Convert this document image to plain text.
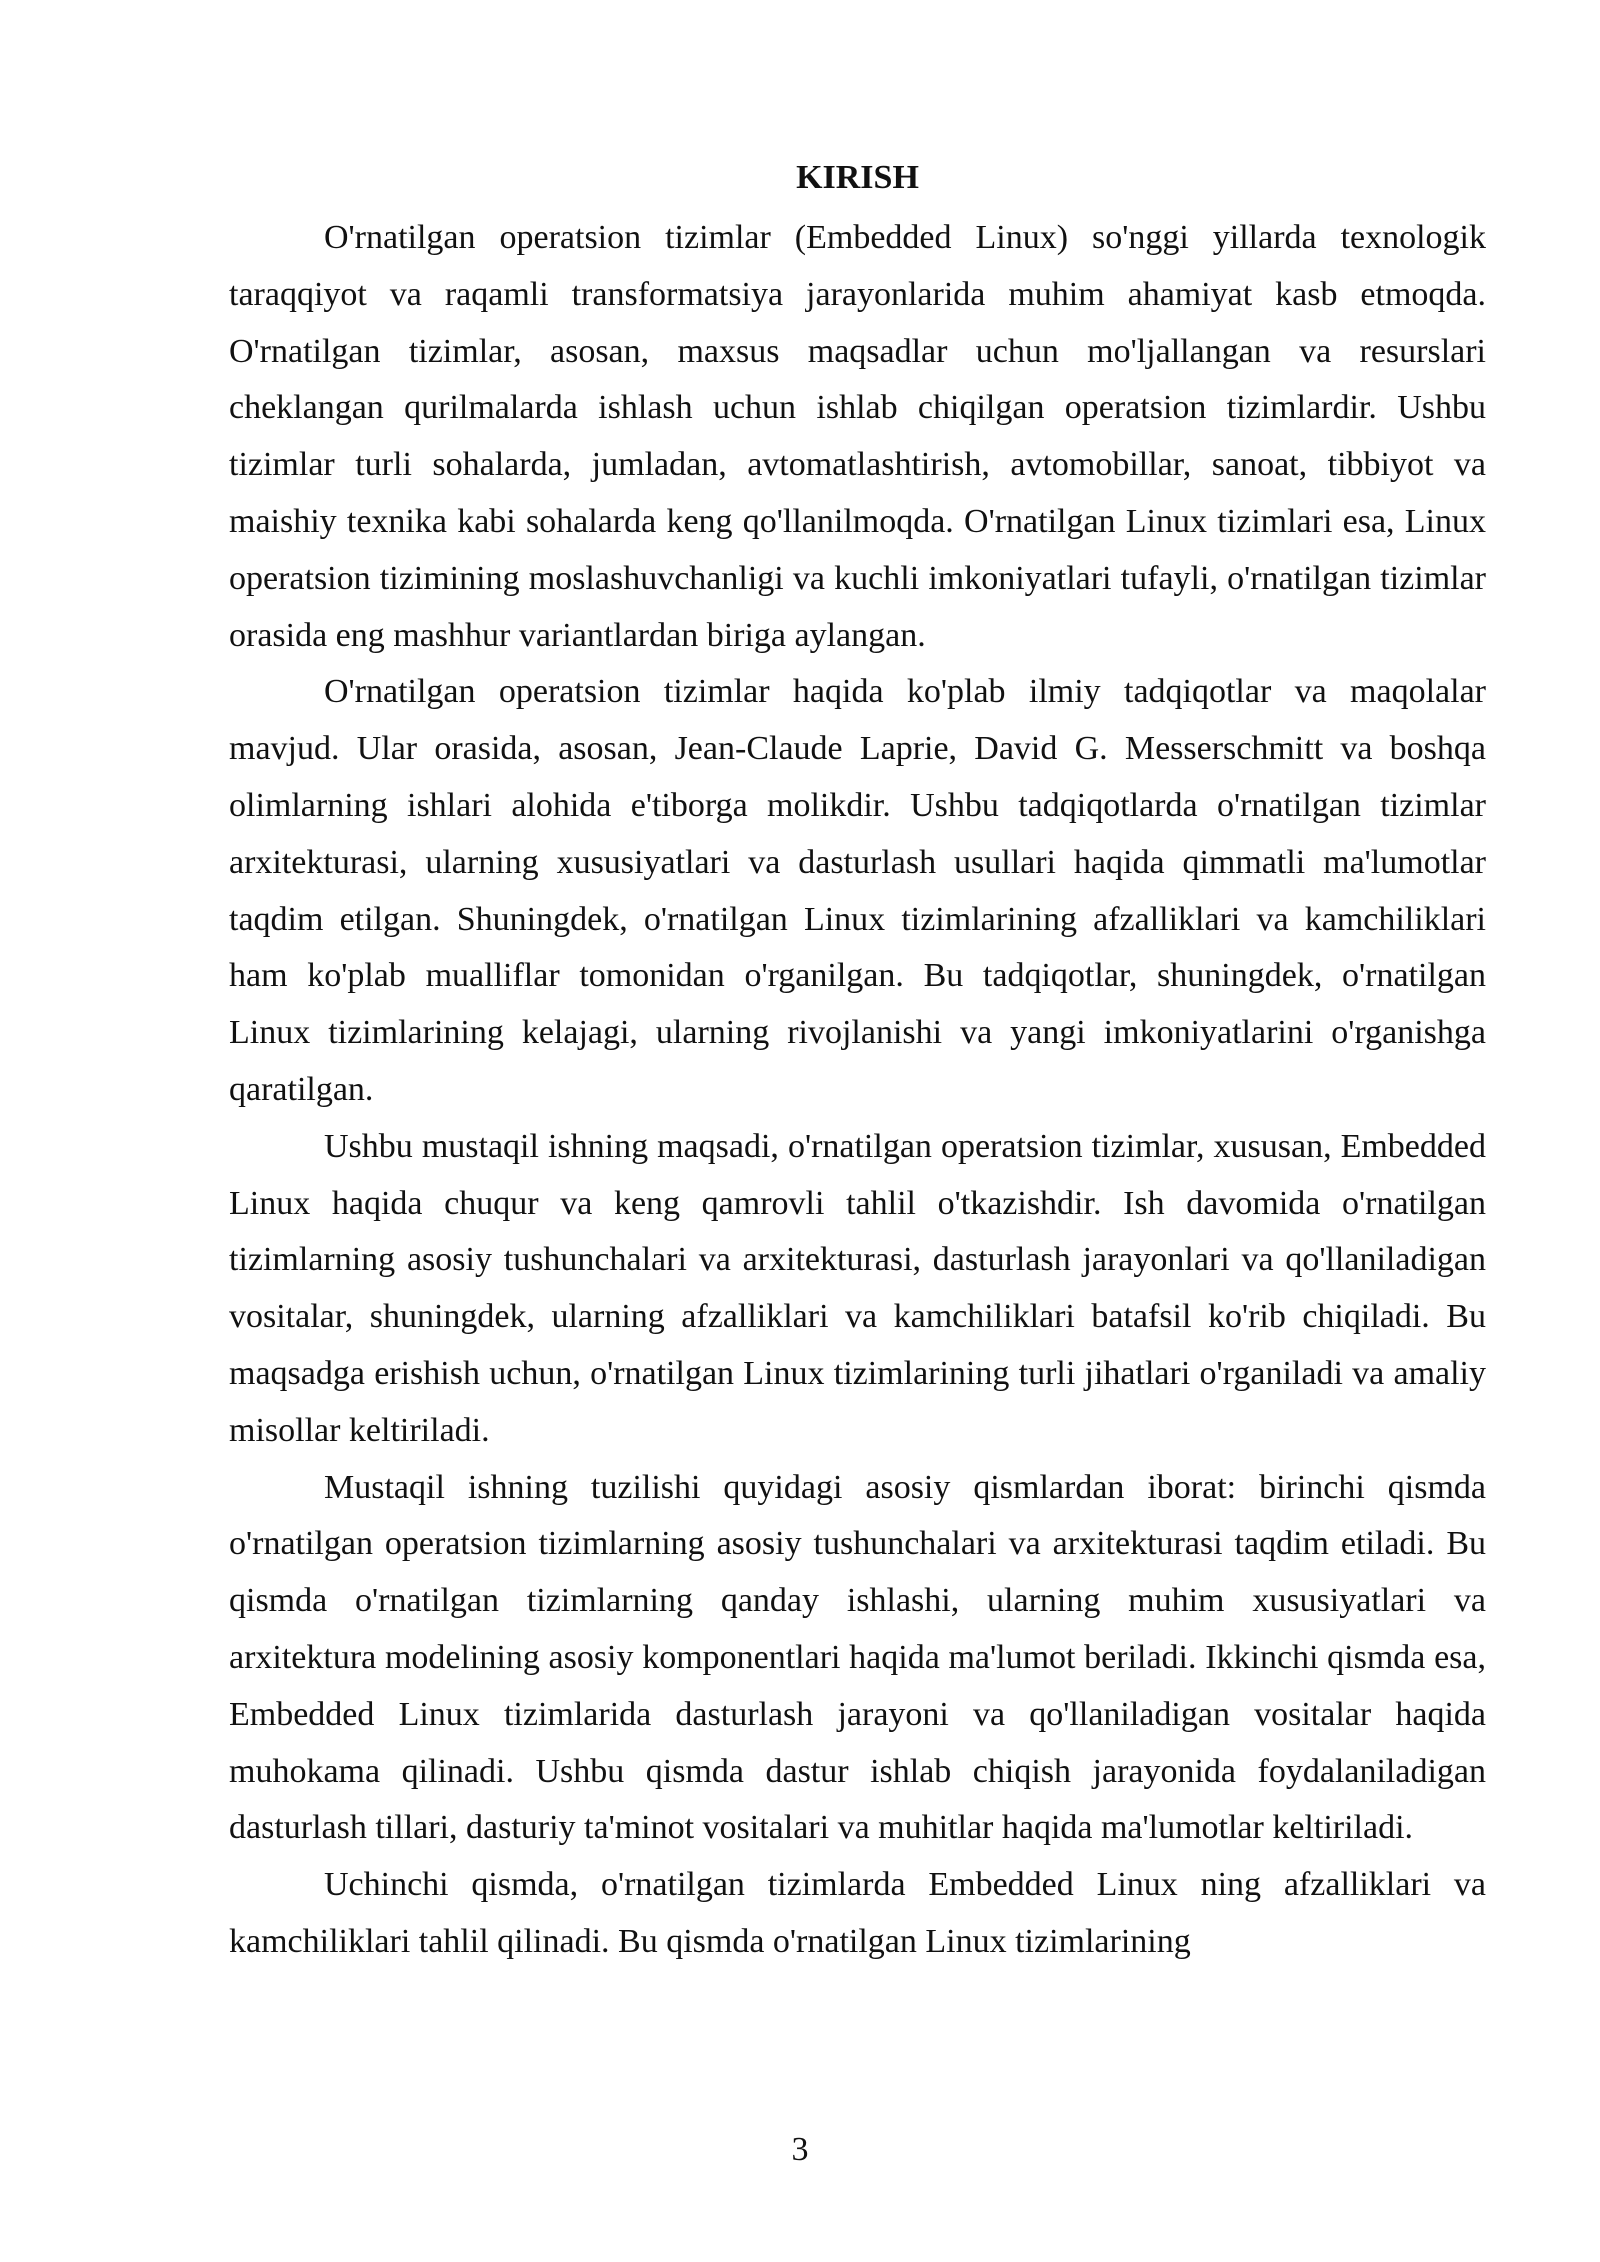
KIRISH

O'rnatilgan operatsion tizimlar (Embedded Linux) so'nggi yillarda texnologik taraqqiyot va raqamli transformatsiya jarayonlarida muhim ahamiyat kasb etmoqda. O'rnatilgan tizimlar, asosan, maxsus maqsadlar uchun mo'ljallangan va resurslari cheklangan qurilmalarda ishlash uchun ishlab chiqilgan operatsion tizimlardir. Ushbu tizimlar turli sohalarda, jumladan, avtomatlashtirish, avtomobillar, sanoat, tibbiyot va maishiy texnika kabi sohalarda keng qo'llanilmoqda. O'rnatilgan Linux tizimlari esa, Linux operatsion tizimining moslashuvchanligi va kuchli imkoniyatlari tufayli, o'rnatilgan tizimlar orasida eng mashhur variantlardan biriga aylangan.

O'rnatilgan operatsion tizimlar haqida ko'plab ilmiy tadqiqotlar va maqolalar mavjud. Ular orasida, asosan, Jean-Claude Laprie, David G. Messerschmitt va boshqa olimlarning ishlari alohida e'tiborga molikdir. Ushbu tadqiqotlarda o'rnatilgan tizimlar arxitekturasi, ularning xususiyatlari va dasturlash usullari haqida qimmatli ma'lumotlar taqdim etilgan. Shuningdek, o'rnatilgan Linux tizimlarining afzalliklari va kamchiliklari ham ko'plab mualliflar tomonidan o'rganilgan. Bu tadqiqotlar, shuningdek, o'rnatilgan Linux tizimlarining kelajagi, ularning rivojlanishi va yangi imkoniyatlarini o'rganishga qaratilgan.

Ushbu mustaqil ishning maqsadi, o'rnatilgan operatsion tizimlar, xususan, Embedded Linux haqida chuqur va keng qamrovli tahlil o'tkazishdir. Ish davomida o'rnatilgan tizimlarning asosiy tushunchalari va arxitekturasi, dasturlash jarayonlari va qo'llaniladigan vositalar, shuningdek, ularning afzalliklari va kamchiliklari batafsil ko'rib chiqiladi. Bu maqsadga erishish uchun, o'rnatilgan Linux tizimlarining turli jihatlari o'rganiladi va amaliy misollar keltiriladi.

Mustaqil ishning tuzilishi quyidagi asosiy qismlardan iborat: birinchi qismda o'rnatilgan operatsion tizimlarning asosiy tushunchalari va arxitekturasi taqdim etiladi. Bu qismda o'rnatilgan tizimlarning qanday ishlashi, ularning muhim xususiyatlari va arxitektura modelining asosiy komponentlari haqida ma'lumot beriladi. Ikkinchi qismda esa, Embedded Linux tizimlarida dasturlash jarayoni va qo'llaniladigan vositalar haqida muhokama qilinadi. Ushbu qismda dastur ishlab chiqish jarayonida foydalaniladigan dasturlash tillari, dasturiy ta'minot vositalari va muhitlar haqida ma'lumotlar keltiriladi.

Uchinchi qismda, o'rnatilgan tizimlarda Embedded Linux ning afzalliklari va kamchiliklari tahlil qilinadi. Bu qismda o'rnatilgan Linux tizimlarining

3
